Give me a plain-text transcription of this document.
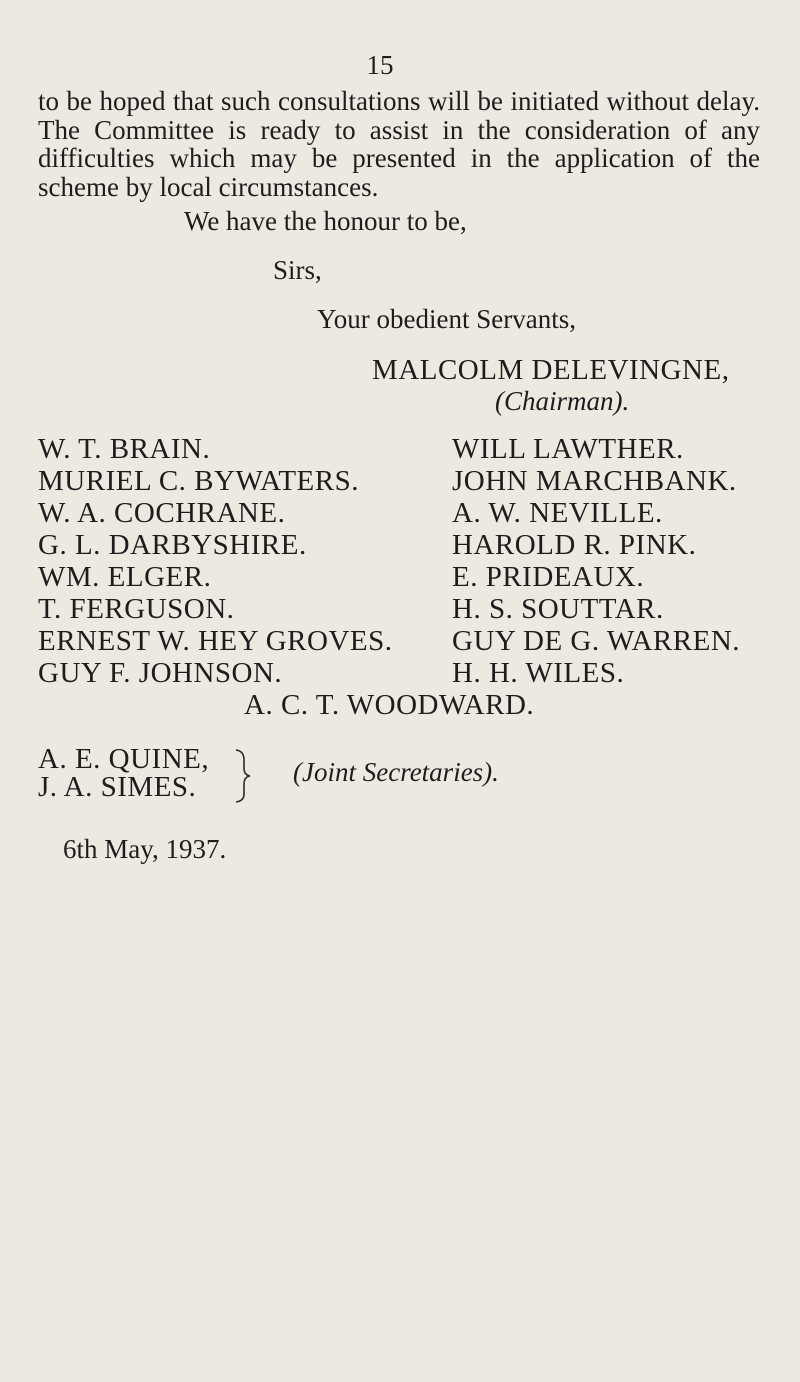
15
to be hoped that such consultations will be initiated without delay. The Committee is ready to assist in the consideration of any difficulties which may be presented in the application of the scheme by local circumstances.
We have the honour to be,
Sirs,
Your obedient Servants,
MALCOLM DELEVINGNE,
(Chairman).
W. T. BRAIN.
MURIEL C. BYWATERS.
W. A. COCHRANE.
G. L. DARBYSHIRE.
WM. ELGER.
T. FERGUSON.
ERNEST W. HEY GROVES.
GUY F. JOHNSON.
WILL LAWTHER.
JOHN MARCHBANK.
A. W. NEVILLE.
HAROLD R. PINK.
E. PRIDEAUX.
H. S. SOUTTAR.
GUY DE G. WARREN.
H. H. WILES.
A. C. T. WOODWARD.
A. E. QUINE,
J. A. SIMES.	(Joint Secretaries).
6th May, 1937.
